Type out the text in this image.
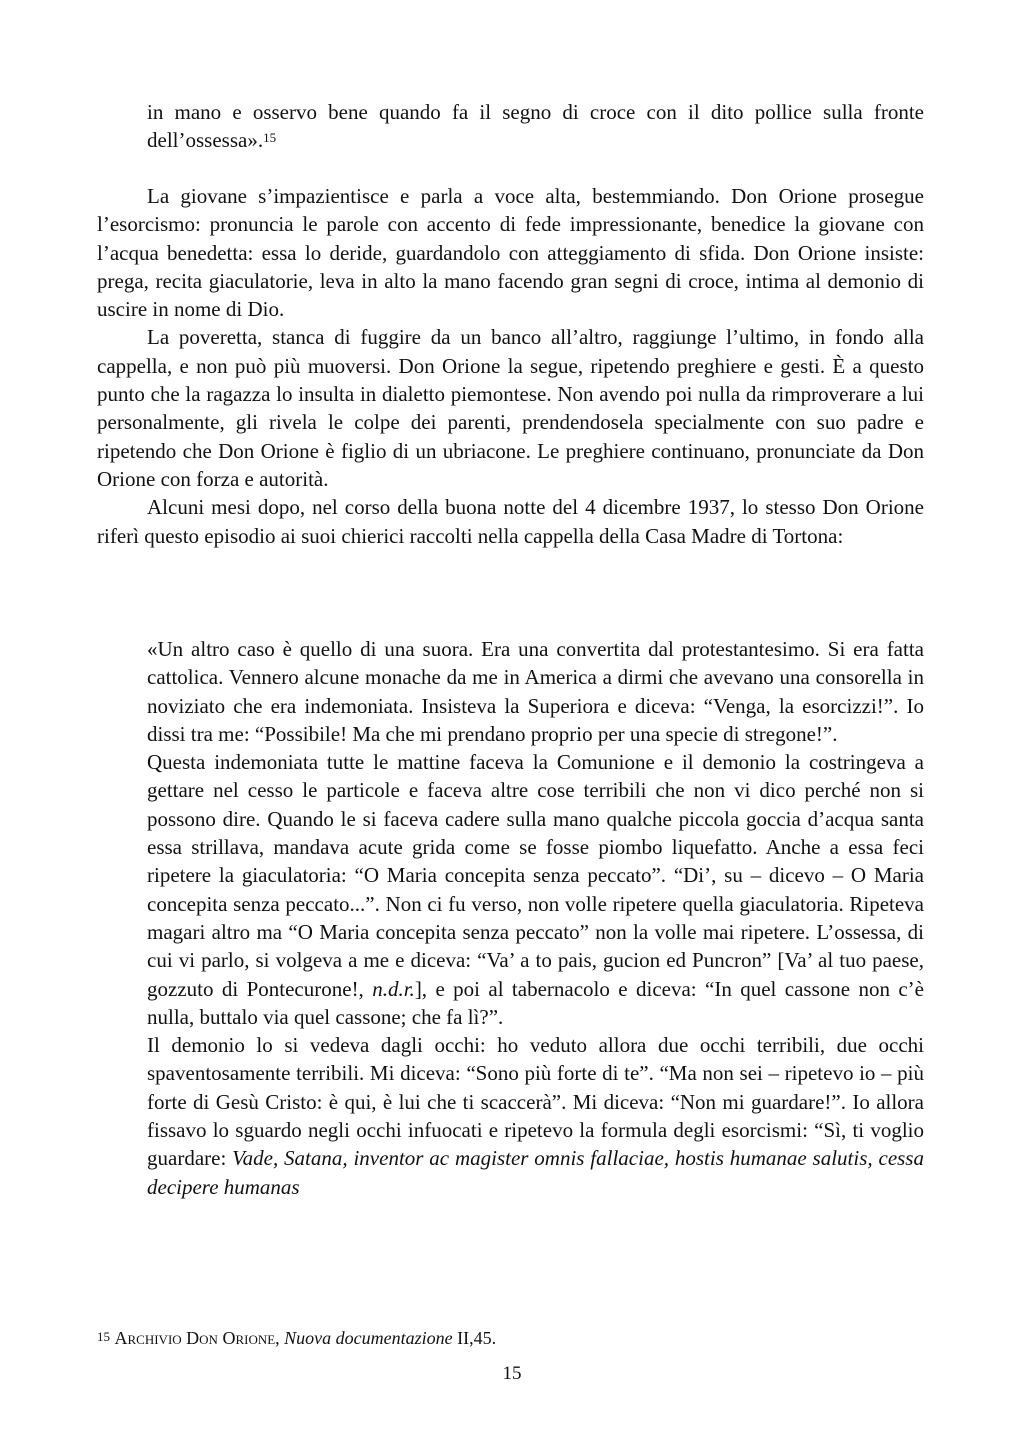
in mano e osservo bene quando fa il segno di croce con il dito pollice sulla fronte dell’ossessa».$^{15}$

La giovane s’impazientisce e parla a voce alta, bestemmiando. Don Orione prosegue l’esorcismo: pronuncia le parole con accento di fede impressionante, benedice la giovane con l’acqua benedetta: essa lo deride, guardandolo con atteggiamento di sfida. Don Orione insiste: prega, recita giaculatorie, leva in alto la mano facendo gran segni di croce, intima al demonio di uscire in nome di Dio.

La poveretta, stanca di fuggire da un banco all’altro, raggiunge l’ultimo, in fondo alla cappella, e non può più muoversi. Don Orione la segue, ripetendo preghiere e gesti. È a questo punto che la ragazza lo insulta in dialetto piemontese. Non avendo poi nulla da rimproverare a lui personalmente, gli rivela le colpe dei parenti, prendendosela specialmente con suo padre e ripetendo che Don Orione è figlio di un ubriacone. Le preghiere continuano, pronunciate da Don Orione con forza e autorità.

Alcuni mesi dopo, nel corso della buona notte del 4 dicembre 1937, lo stesso Don Orione riferì questo episodio ai suoi chierici raccolti nella cappella della Casa Madre di Tortona:

«Un altro caso è quello di una suora. Era una convertita dal protestantesimo. Si era fatta cattolica. Vennero alcune monache da me in America a dirmi che avevano una consorella in noviziato che era indemoniata. Insisteva la Superiora e diceva: “Venga, la esorcizzi!”. Io dissi tra me: “Possibile! Ma che mi prendano proprio per una specie di stregone!”.

Questa indemoniata tutte le mattine faceva la Comunione e il demonio la costringeva a gettare nel cesso le particole e faceva altre cose terribili che non vi dico perché non si possono dire. Quando le si faceva cadere sulla mano qualche piccola goccia d’acqua santa essa strillava, mandava acute grida come se fosse piombo liquefatto. Anche a essa feci ripetere la giaculatoria: “O Maria concepita senza peccato”. “Di’, su – dicevo – O Maria concepita senza peccato...”. Non ci fu verso, non volle ripetere quella giaculatoria. Ripeteva magari altro ma “O Maria concepita senza peccato” non la volle mai ripetere. L’ossessa, di cui vi parlo, si volgeva a me e diceva: “Va’ a to pais, gucion ed Puncron” [Va’ al tuo paese, gozzuto di Pontecurone!, n.d.r.], e poi al tabernacolo e diceva: “In quel cassone non c’è nulla, buttalo via quel cassone; che fa lì?”.

Il demonio lo si vedeva dagli occhi: ho veduto allora due occhi terribili, due occhi spaventosamente terribili. Mi diceva: “Sono più forte di te”. “Ma non sei – ripetevo io – più forte di Gesù Cristo: è qui, è lui che ti scaccerà”. Mi diceva: “Non mi guardare!”. Io allora fissavo lo sguardo negli occhi infuocati e ripetevo la formula degli esorcismi: “Sì, ti voglio guardare: Vade, Satana, inventor ac magister omnis fallaciae, hostis humanae salutis, cessa decipere humanas

$^{15}$ Archivio Don Orione, Nuova documentazione II,45.

15
